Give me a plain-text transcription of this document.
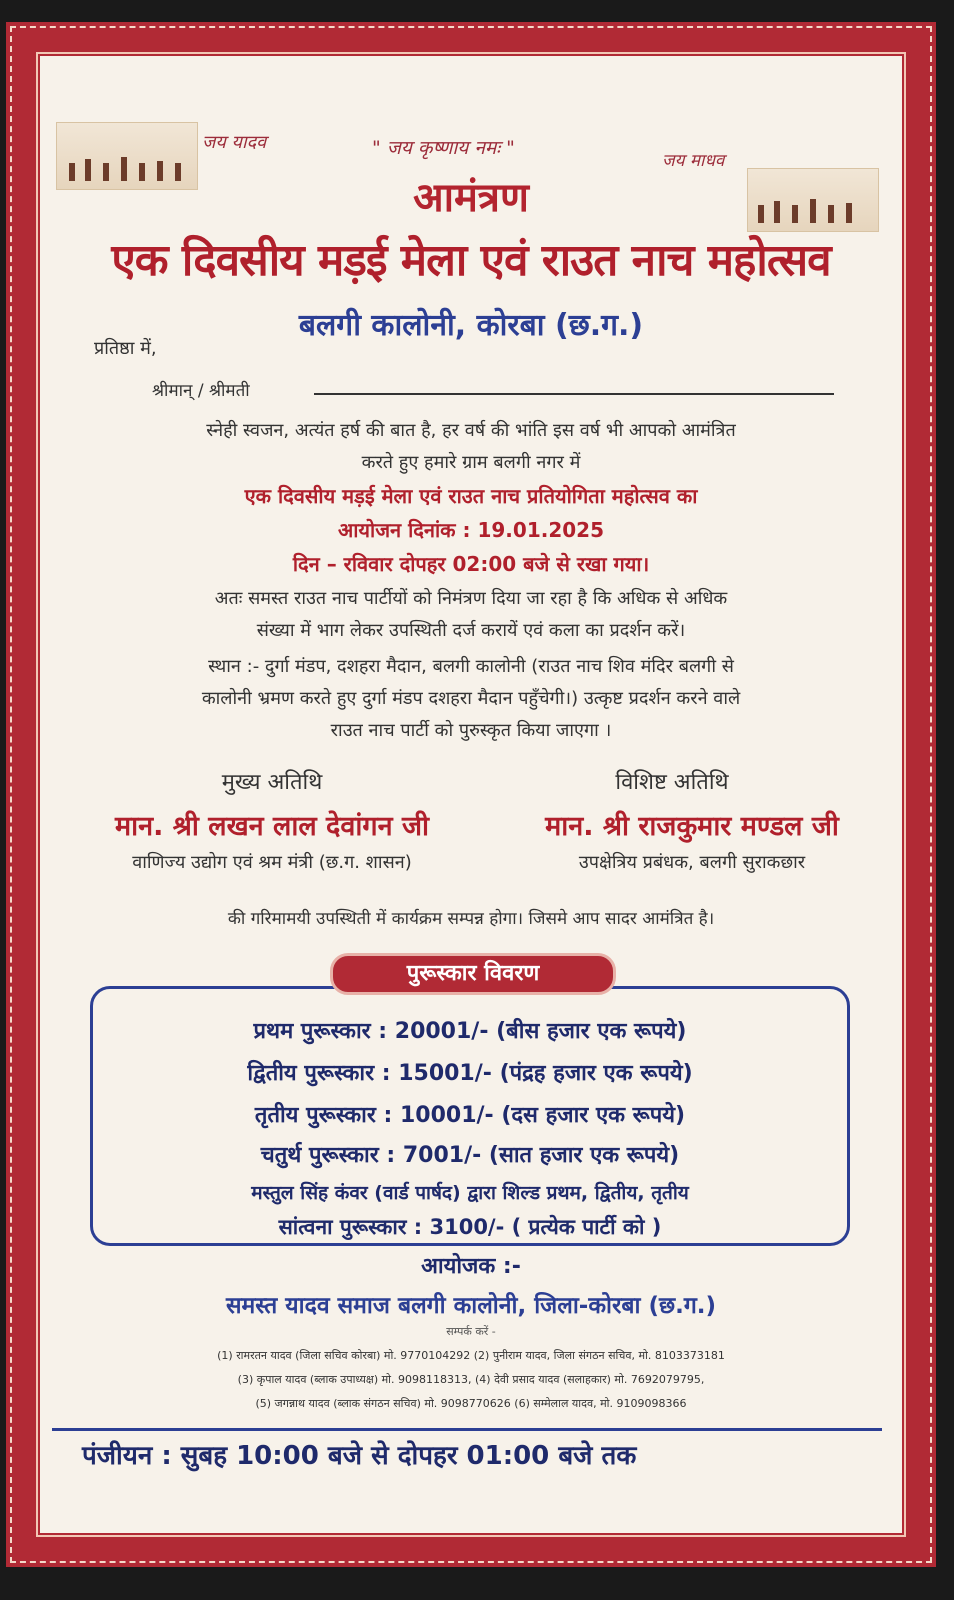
जय यादव	" जय कृष्णाय नमः "
जय माधव
आमंत्रण
एक दिवसीय मड़ई मेला एवं राउत नाच महोत्सव
बलगी कालोनी, कोरबा (छ.ग.)
प्रतिष्ठा में,
श्रीमान् / श्रीमती
स्नेही स्वजन, अत्यंत हर्ष की बात है, हर वर्ष की भांति इस वर्ष भी आपको आमंत्रित
करते हुए हमारे ग्राम बलगी नगर में
एक दिवसीय मड़ई मेला एवं राउत नाच प्रतियोगिता महोत्सव का
आयोजन दिनांक : 19.01.2025
दिन – रविवार दोपहर 02:00 बजे से रखा गया।
अतः समस्त राउत नाच पार्टीयों को निमंत्रण दिया जा रहा है कि अधिक से अधिक
संख्या में भाग लेकर उपस्थिती दर्ज करायें एवं कला का प्रदर्शन करें।
स्थान :- दुर्गा मंडप, दशहरा मैदान, बलगी कालोनी (राउत नाच शिव मंदिर बलगी से
कालोनी भ्रमण करते हुए दुर्गा मंडप दशहरा मैदान पहुँचेगी।) उत्कृष्ट प्रदर्शन करने वाले
राउत नाच पार्टी को पुरुस्कृत किया जाएगा ।
मुख्य अतिथि	विशिष्ट अतिथि
मान. श्री लखन लाल देवांगन जी	मान. श्री राजकुमार मण्डल जी
वाणिज्य उद्योग एवं श्रम मंत्री (छ.ग. शासन)	उपक्षेत्रिय प्रबंधक, बलगी सुराकछार
की गरिमामयी उपस्थिती में कार्यक्रम सम्पन्न होगा। जिसमे आप सादर आमंत्रित है।
प्रथम पुरूस्कार : 20001/- (बीस हजार एक रूपये)
द्वितीय पुरूस्कार : 15001/- (पंद्रह हजार एक रूपये)
तृतीय पुरूस्कार : 10001/- (दस हजार एक रूपये)
चतुर्थ पुरूस्कार : 7001/- (सात हजार एक रूपये)
मस्तुल सिंह कंवर (वार्ड पार्षद) द्वारा शिल्ड प्रथम, द्वितीय, तृतीय
सांत्वना पुरूस्कार : 3100/- ( प्रत्येक पार्टी को )
पुरूस्कार विवरण
आयोजक :-
समस्त यादव समाज बलगी कालोनी, जिला-कोरबा (छ.ग.)
सम्पर्क करें -
(1) रामरतन यादव (जिला सचिव कोरबा) मो. 9770104292 (2) पुनीराम यादव, जिला संगठन सचिव, मो. 8103373181
(3) कृपाल यादव (ब्लाक उपाध्यक्ष) मो. 9098118313, (4) देवी प्रसाद यादव (सलाहकार) मो. 7692079795,
(5) जगन्नाथ यादव (ब्लाक संगठन सचिव) मो. 9098770626 (6) सम्मेलाल यादव, मो. 9109098366
पंजीयन : सुबह 10:00 बजे से दोपहर 01:00 बजे तक
